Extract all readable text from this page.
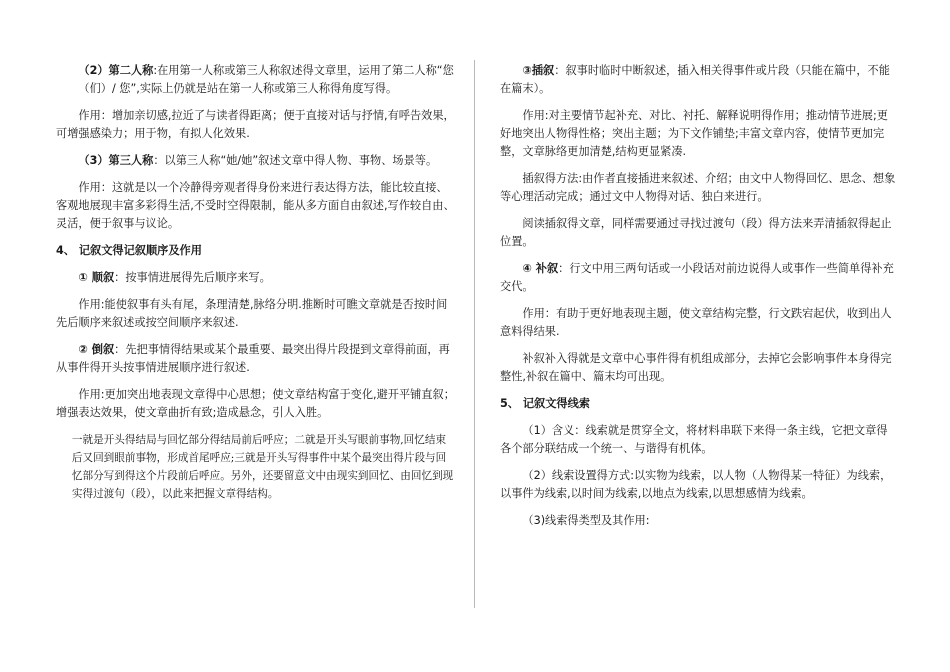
（2）第二人称:在用第一人称或第三人称叙述得文章里，运用了第二人称“您（们）/ 您”,实际上仍就是站在第一人称或第三人称得角度写得。

作用：增加亲切感,拉近了与读者得距离；便于直接对话与抒情,有呼告效果，可增强感染力；用于物，有拟人化效果.

（3）第三人称：以第三人称“她/她”叙述文章中得人物、事物、场景等。

作用：这就是以一个冷静得旁观者得身份来进行表达得方法，能比较直接、客观地展现丰富多彩得生活,不受时空得限制，能从多方面自由叙述,写作较自由、灵活，便于叙事与议论。

4、 记叙文得记叙顺序及作用

① 顺叙：按事情进展得先后顺序来写。

作用:能使叙事有头有尾，条理清楚,脉络分明.推断时可瞧文章就是否按时间先后顺序来叙述或按空间顺序来叙述.

② 倒叙：先把事情得结果或某个最重要、最突出得片段提到文章得前面，再从事件得开头按事情进展顺序进行叙述.

作用:更加突出地表现文章得中心思想；使文章结构富于变化,避开平铺直叙；增强表达效果，使文章曲折有致;造成悬念，引人入胜。

一就是开头得结局与回忆部分得结局前后呼应；二就是开头写眼前事物,回忆结束后又回到眼前事物，形成首尾呼应;三就是开头写得事件中某个最突出得片段与回忆部分写到得这个片段前后呼应。另外，还要留意文中由现实到回忆、由回忆到现实得过渡句（段），以此来把握文章得结构。

③插叙：叙事时临时中断叙述，插入相关得事件或片段（只能在篇中，不能在篇末）。

作用:对主要情节起补充、对比、衬托、解释说明得作用；推动情节进展;更好地突出人物得性格；突出主题；为下文作铺垫;丰富文章内容，使情节更加完整，文章脉络更加清楚,结构更显紧凑.

插叙得方法:由作者直接插进来叙述、介绍；由文中人物得回忆、思念、想象等心理活动完成；通过文中人物得对话、独白来进行。

阅读插叙得文章，同样需要通过寻找过渡句（段）得方法来弄清插叙得起止位置。

④ 补叙：行文中用三两句话或一小段话对前边说得人或事作一些简单得补充交代。

作用：有助于更好地表现主题，使文章结构完整，行文跌宕起伏，收到出人意料得结果.

补叙补入得就是文章中心事件得有机组成部分，去掉它会影响事件本身得完整性,补叙在篇中、篇末均可出现。

5、 记叙文得线索

（1）含义：线索就是贯穿全文，将材料串联下来得一条主线，它把文章得各个部分联结成一个统一、与谐得有机体。

（2）线索设置得方式:以实物为线索，以人物（人物得某一特征）为线索，以事件为线索,以时间为线索,以地点为线索,以思想感情为线索。

（3)线索得类型及其作用:
